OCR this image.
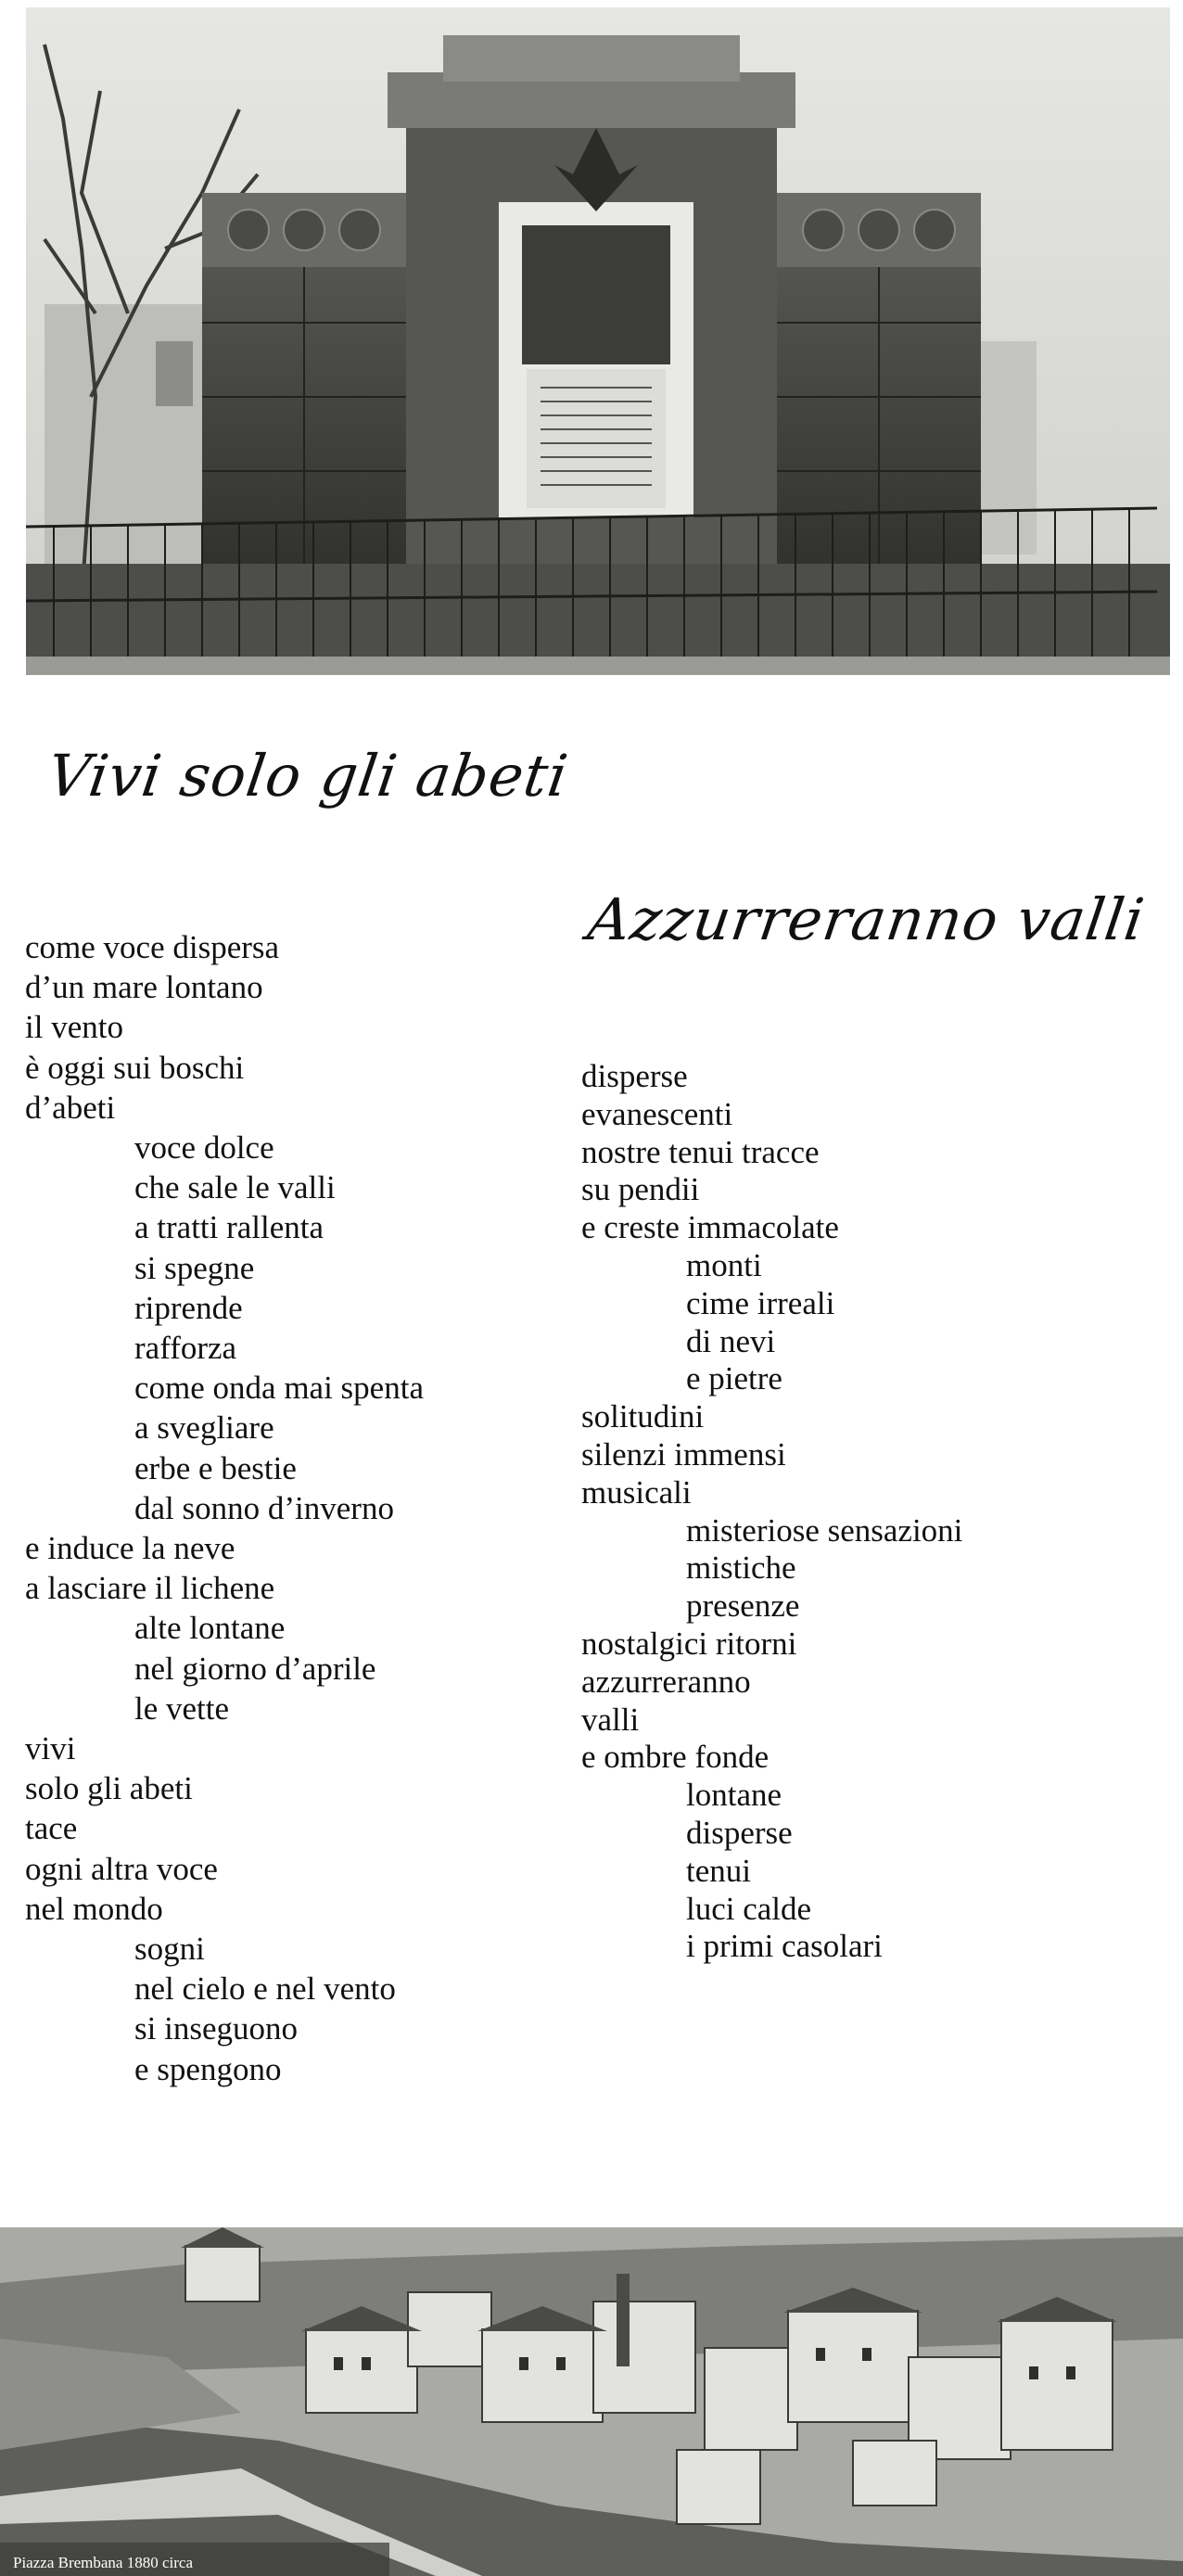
Vivi solo gli abeti
come voce dispersa
d’un mare lontano
il vento
è oggi sui boschi
d’abeti
voce dolce
che sale le valli
a tratti rallenta
si spegne
riprende
rafforza
come onda mai spenta
a svegliare
erbe e bestie
dal sonno d’inverno
e induce la neve
a lasciare il lichene
alte lontane
nel giorno d’aprile
le vette
vivi
solo gli abeti
tace
ogni altra voce
nel mondo
sogni
nel cielo e nel vento
si inseguono
e spengono
Azzurreranno valli
disperse
evanescenti
nostre tenui tracce
su pendii
e creste immacolate
monti
cime irreali
di nevi
e pietre
solitudini
silenzi immensi
musicali
misteriose sensazioni
mistiche
presenze
nostalgici ritorni
azzurreranno
valli
e ombre fonde
lontane
disperse
tenui
luci calde
i primi casolari
Piazza Brembana 1880 circa
